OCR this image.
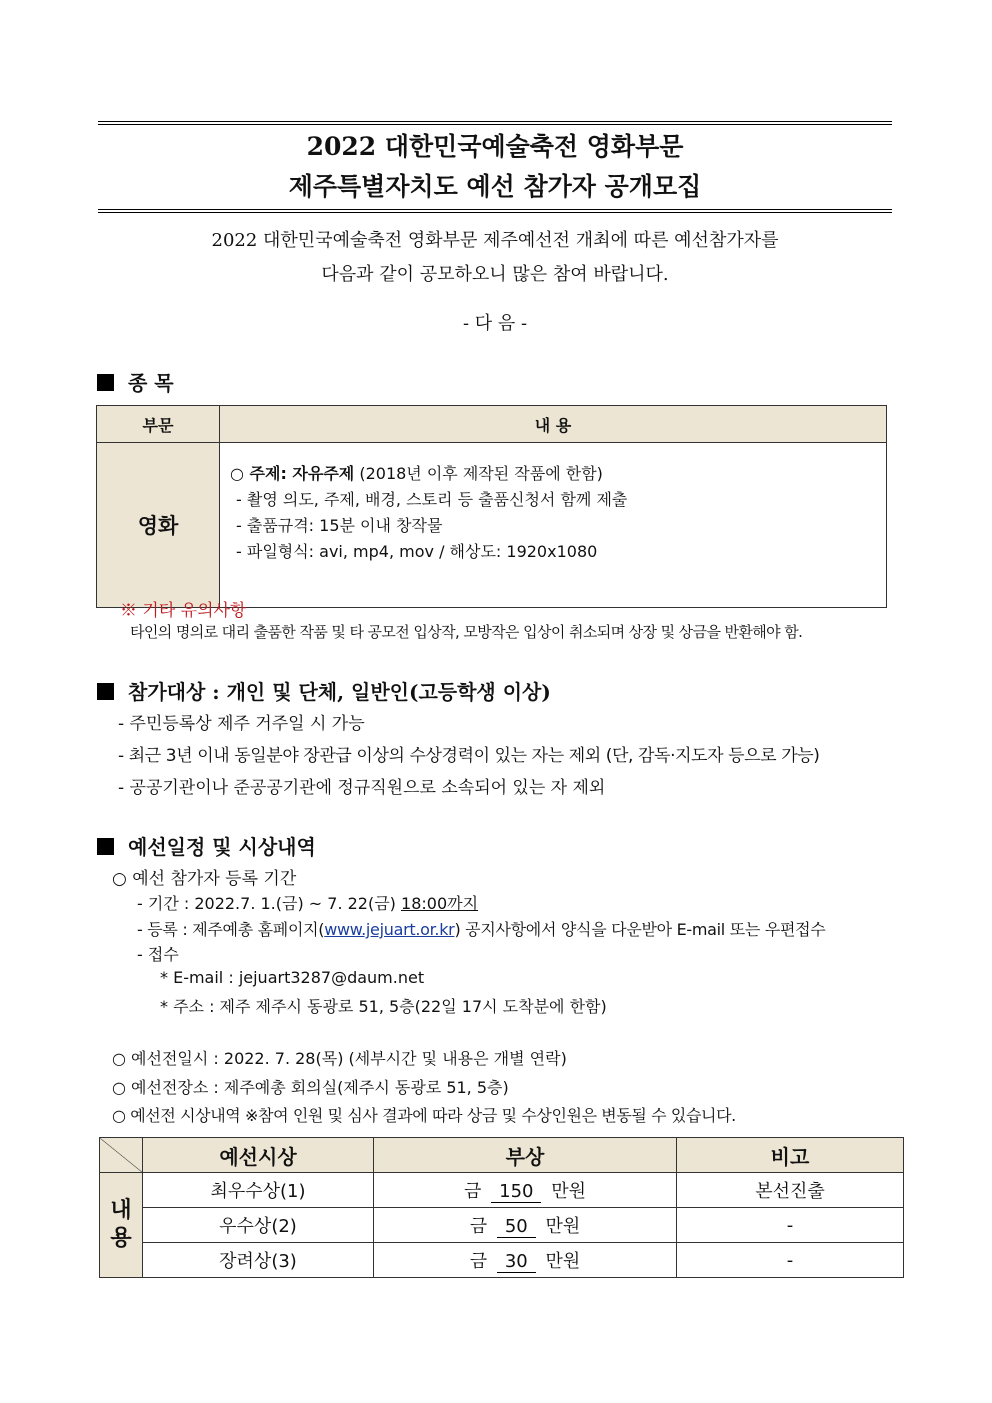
2022 대한민국예술축전 영화부문
제주특별자치도 예선 참가자 공개모집
2022 대한민국예술축전 영화부문 제주예선전 개최에 따른 예선참가자를
다음과 같이 공모하오니 많은 참여 바랍니다.
- 다 음 -
종 목
부문	내 용
영화	○ 주제: 자유주제 (2018년 이후 제작된 작품에 한함)
- 촬영 의도, 주제, 배경, 스토리 등 출품신청서 함께 제출
- 출품규격: 15분 이내 창작물
- 파일형식: avi, mp4, mov / 해상도: 1920x1080
※ 기타 유의사항
타인의 명의로 대리 출품한 작품 및 타 공모전 입상작, 모방작은 입상이 취소되며 상장 및 상금을 반환해야 함.
참가대상 : 개인 및 단체, 일반인(고등학생 이상)
- 주민등록상 제주 거주일 시 가능
- 최근 3년 이내 동일분야 장관급 이상의 수상경력이 있는 자는 제외 (단, 감독·지도자 등으로 가능)
- 공공기관이나 준공공기관에 정규직원으로 소속되어 있는 자 제외
예선일정 및 시상내역
○ 예선 참가자 등록 기간
- 기간 : 2022.7. 1.(금) ~ 7. 22(금) 18:00까지
- 등록 : 제주예총 홈페이지(www.jejuart.or.kr) 공지사항에서 양식을 다운받아 E-mail 또는 우편접수
- 접수
* E-mail : jejuart3287@daum.net
* 주소 : 제주 제주시 동광로 51, 5층(22일 17시 도착분에 한함)
○ 예선전일시 : 2022. 7. 28(목) (세부시간 및 내용은 개별 연락)
○ 예선전장소 : 제주예총 회의실(제주시 동광로 51, 5층)
○ 예선전 시상내역 ※참여 인원 및 심사 결과에 따라 상금 및 수상인원은 변동될 수 있습니다.
	예선시상	부상	비고
내용	최우수상(1)	금 150 만원	본선진출
	우수상(2)	금 50 만원	-
	장려상(3)	금 30 만원	-
